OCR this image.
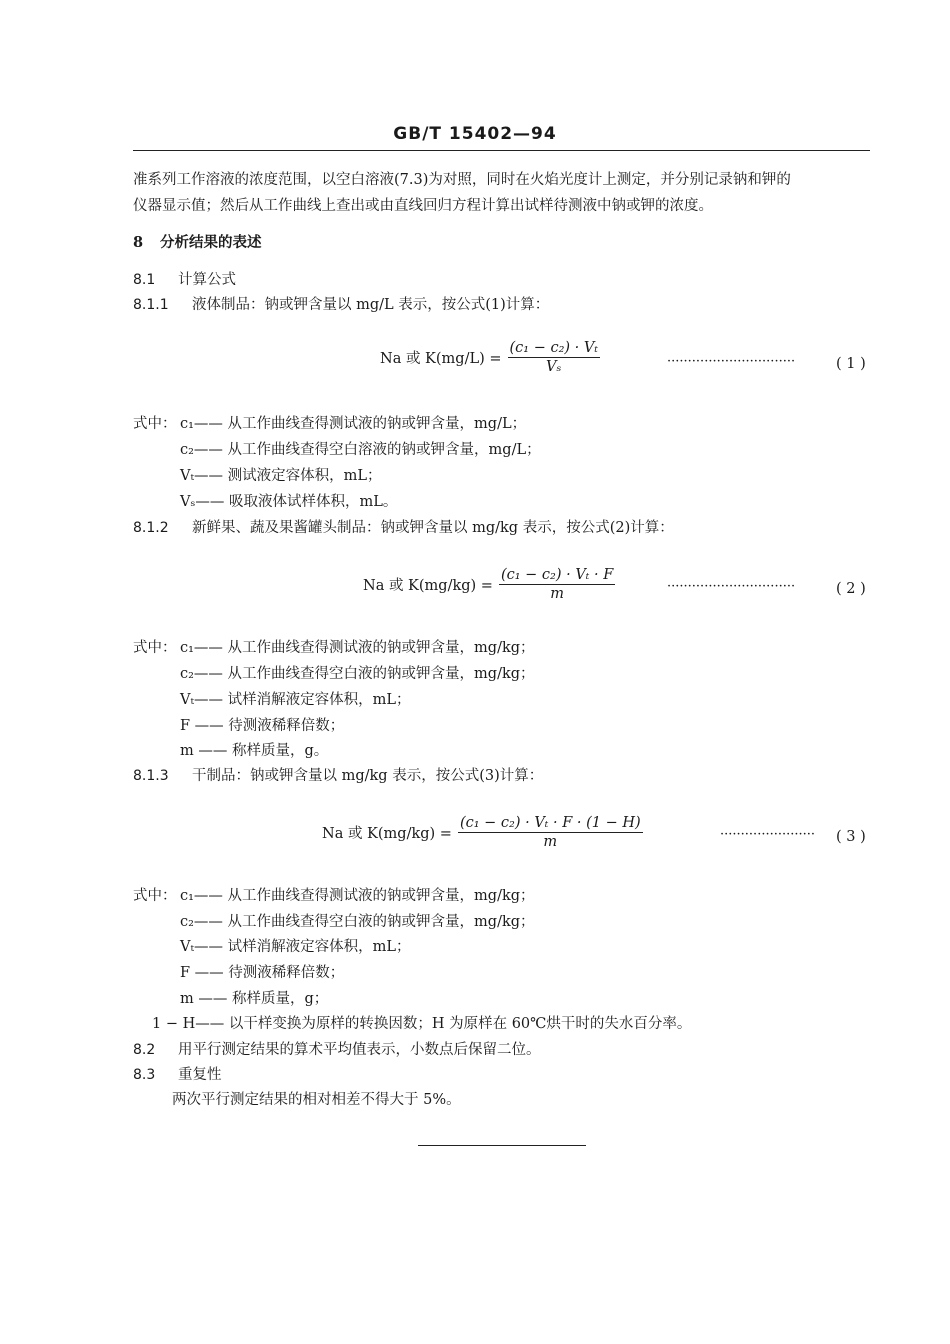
GB/T 15402—94
准系列工作溶液的浓度范围，以空白溶液(7.3)为对照，同时在火焰光度计上测定，并分别记录钠和钾的
仪器显示值；然后从工作曲线上查出或由直线回归方程计算出试样待测液中钠或钾的浓度。
8 分析结果的表述
8.1 计算公式
8.1.1 液体制品：钠或钾含量以 mg/L 表示，按公式(1)计算：
Na 或 $K(mg/L) = \frac{\text{(c₁ − c₂) · Vₜ}}{\text{Vₛ}}$	·······························	( 1 )
式中： c₁—— 从工作曲线查得测试液的钠或钾含量，mg/L；
c₂—— 从工作曲线查得空白溶液的钠或钾含量，mg/L；
Vₜ—— 测试液定容体积，mL；
Vₛ—— 吸取液体试样体积，mL。
8.1.2 新鲜果、蔬及果酱罐头制品：钠或钾含量以 mg/kg 表示，按公式(2)计算：
Na 或 $K(mg/kg) = \frac{\text{(c₁ − c₂) · Vₜ · F}}{m}$	·······························	( 2 )
式中： c₁—— 从工作曲线查得测试液的钠或钾含量，mg/kg；
c₂—— 从工作曲线查得空白液的钠或钾含量，mg/kg；
Vₜ—— 试样消解液定容体积，mL；
F —— 待测液稀释倍数；
m —— 称样质量，g。
8.1.3 干制品：钠或钾含量以 mg/kg 表示，按公式(3)计算：
Na 或 $K(mg/kg) = \frac{\text{(c₁ − c₂) · Vₜ · F · (1 − H)}}{m}$	······················· ( 3 )
式中： c₁—— 从工作曲线查得测试液的钠或钾含量，mg/kg；
c₂—— 从工作曲线查得空白液的钠或钾含量，mg/kg；
Vₜ—— 试样消解液定容体积，mL；
F —— 待测液稀释倍数；
m —— 称样质量，g；
1 − H—— 以干样变换为原样的转换因数；H 为原样在 60℃烘干时的失水百分率。
8.2 用平行测定结果的算术平均值表示，小数点后保留二位。
8.3 重复性
两次平行测定结果的相对相差不得大于 5%。
